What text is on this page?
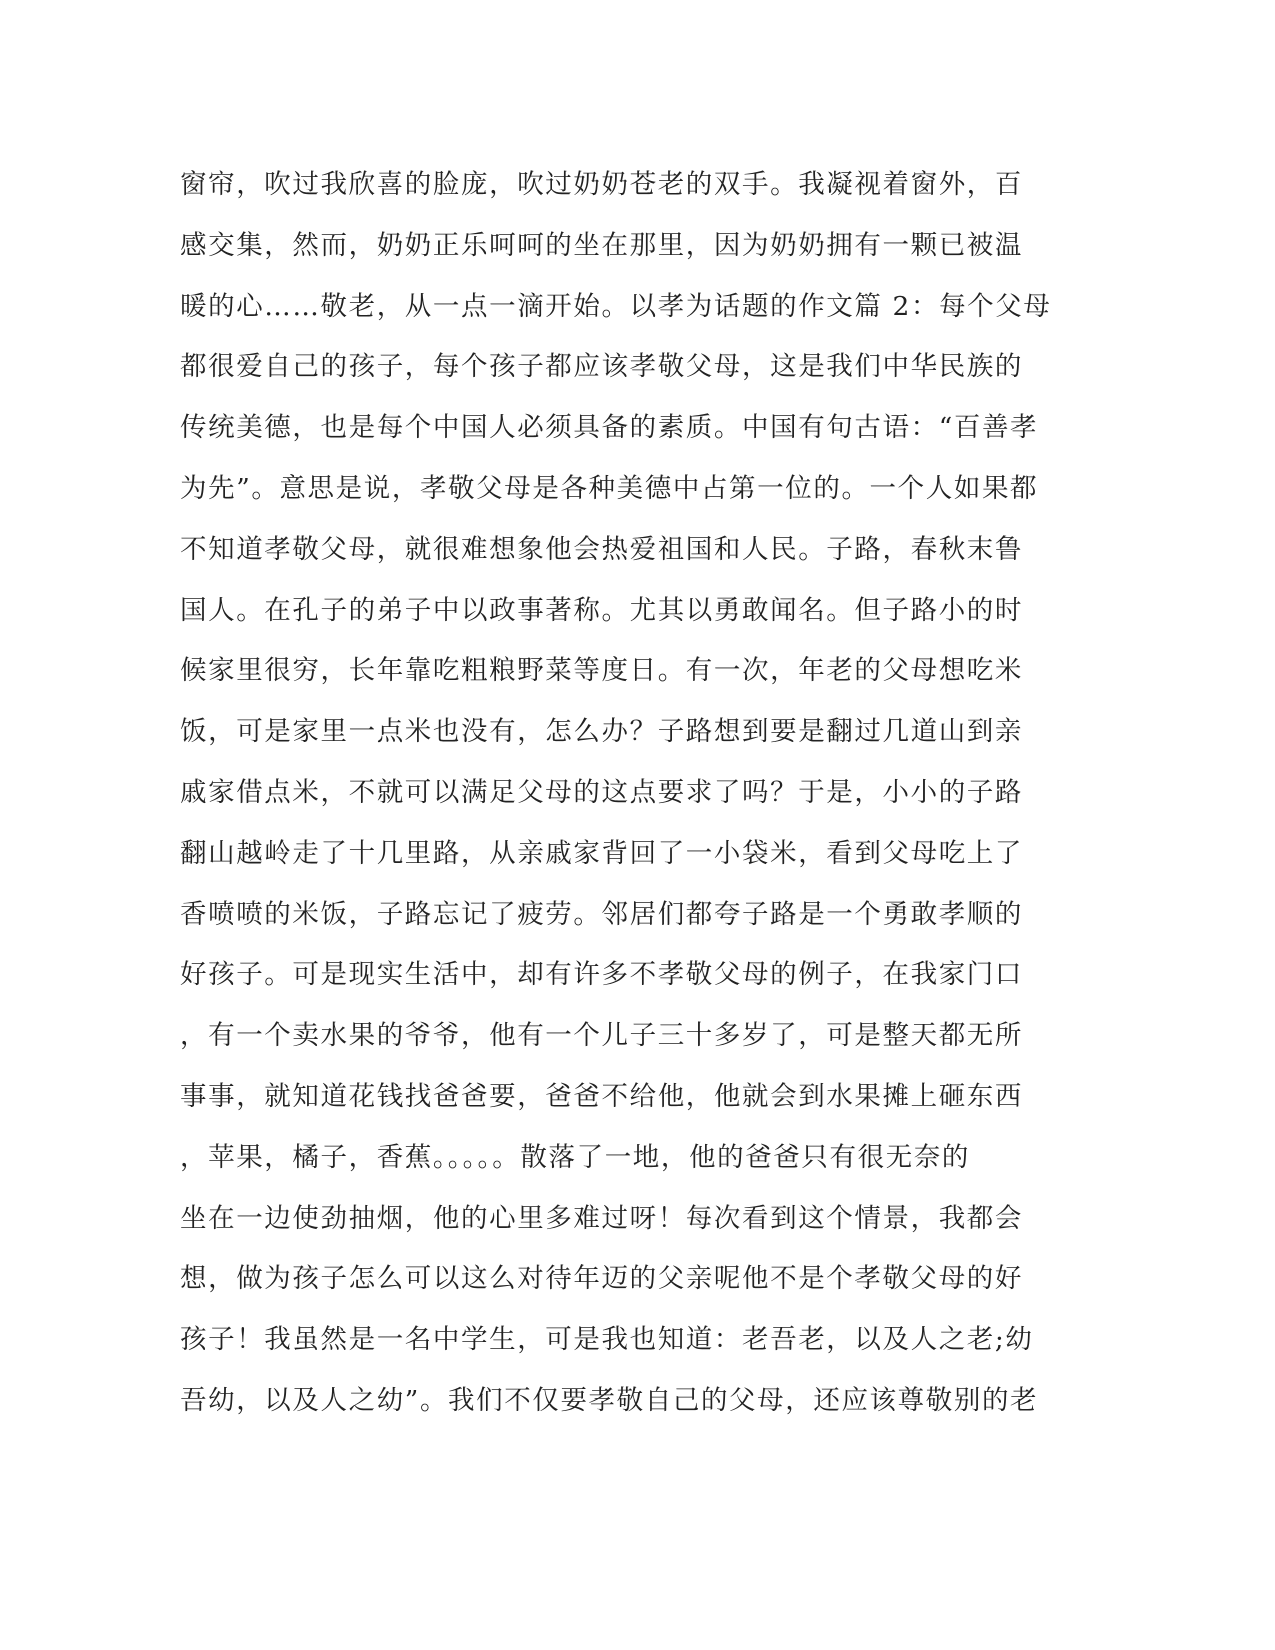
窗帘，吹过我欣喜的脸庞，吹过奶奶苍老的双手。我凝视着窗外，百

感交集，然而，奶奶正乐呵呵的坐在那里，因为奶奶拥有一颗已被温

暖的心……敬老，从一点一滴开始。以孝为话题的作文篇 2：每个父母

都很爱自己的孩子，每个孩子都应该孝敬父母，这是我们中华民族的

传统美德，也是每个中国人必须具备的素质。中国有句古语：“百善孝

为先”。意思是说，孝敬父母是各种美德中占第一位的。一个人如果都

不知道孝敬父母，就很难想象他会热爱祖国和人民。子路，春秋末鲁

国人。在孔子的弟子中以政事著称。尤其以勇敢闻名。但子路小的时

候家里很穷，长年靠吃粗粮野菜等度日。有一次，年老的父母想吃米

饭，可是家里一点米也没有，怎么办？子路想到要是翻过几道山到亲

戚家借点米，不就可以满足父母的这点要求了吗？于是，小小的子路

翻山越岭走了十几里路，从亲戚家背回了一小袋米，看到父母吃上了

香喷喷的米饭，子路忘记了疲劳。邻居们都夸子路是一个勇敢孝顺的

好孩子。可是现实生活中，却有许多不孝敬父母的例子，在我家门口

，有一个卖水果的爷爷，他有一个儿子三十多岁了，可是整天都无所

事事，就知道花钱找爸爸要，爸爸不给他，他就会到水果摊上砸东西

，苹果，橘子，香蕉。。。。。散落了一地，他的爸爸只有很无奈的

坐在一边使劲抽烟，他的心里多难过呀！每次看到这个情景，我都会

想，做为孩子怎么可以这么对待年迈的父亲呢他不是个孝敬父母的好

孩子！我虽然是一名中学生，可是我也知道：老吾老，以及人之老;幼

吾幼，以及人之幼”。我们不仅要孝敬自己的父母，还应该尊敬别的老
